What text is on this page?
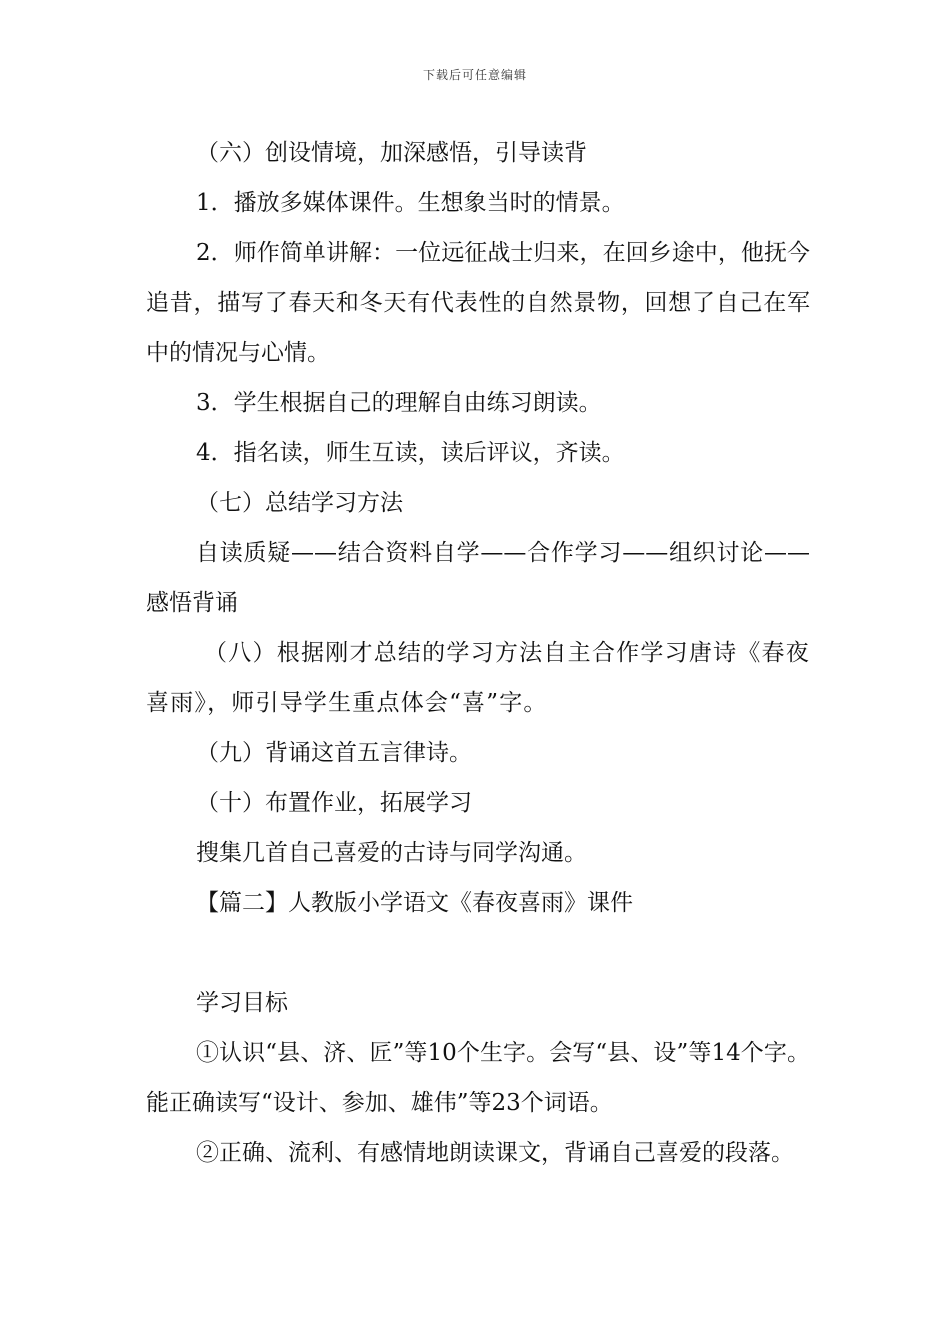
下载后可任意编辑

（六）创设情境，加深感悟，引导读背

1．播放多媒体课件。生想象当时的情景。

2．师作简单讲解：一位远征战士归来，在回乡途中，他抚今追昔，描写了春天和冬天有代表性的自然景物，回想了自己在军中的情况与心情。

3．学生根据自己的理解自由练习朗读。

4．指名读，师生互读，读后评议，齐读。

（七）总结学习方法

自读质疑——结合资料自学——合作学习——组织讨论——感悟背诵

（八）根据刚才总结的学习方法自主合作学习唐诗《春夜喜雨》，师引导学生重点体会“喜”字。

（九）背诵这首五言律诗。

（十）布置作业，拓展学习

搜集几首自己喜爱的古诗与同学沟通。

【篇二】人教版小学语文《春夜喜雨》课件

学习目标

①认识“县、济、匠”等10个生字。会写“县、设”等14个字。能正确读写“设计、参加、雄伟”等23个词语。

②正确、流利、有感情地朗读课文，背诵自己喜爱的段落。
